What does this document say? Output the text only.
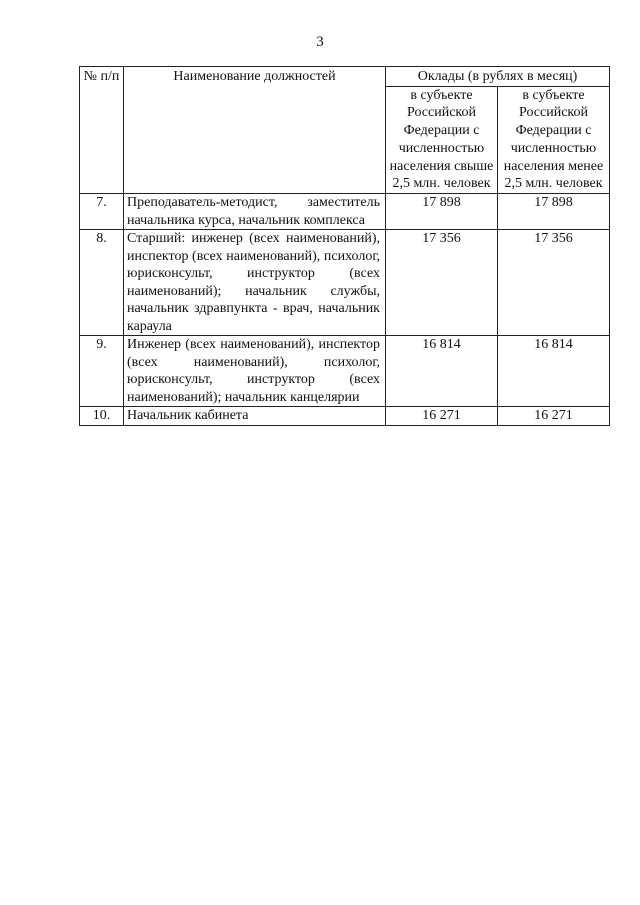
3
№ п/п	Наименование должностей	Оклады (в рублях в месяц)	
		в субъекте Российской Федерации с численностью населения свыше 2,5 млн. человек	в субъекте Российской Федерации с численностью населения менее 2,5 млн. человек
7.	Преподаватель-методист, заместитель начальника курса, начальник комплекса	17 898	17 898
8.	Старший: инженер (всех наименований), инспектор (всех наименований), психолог, юрисконсульт, инструктор (всех наименований); начальник службы, начальник здравпункта - врач, начальник караула	17 356	17 356
9.	Инженер (всех наименований), инспектор (всех наименований), психолог, юрисконсульт, инструктор (всех наименований); начальник канцелярии	16 814	16 814
10.	Начальник кабинета	16 271	16 271
